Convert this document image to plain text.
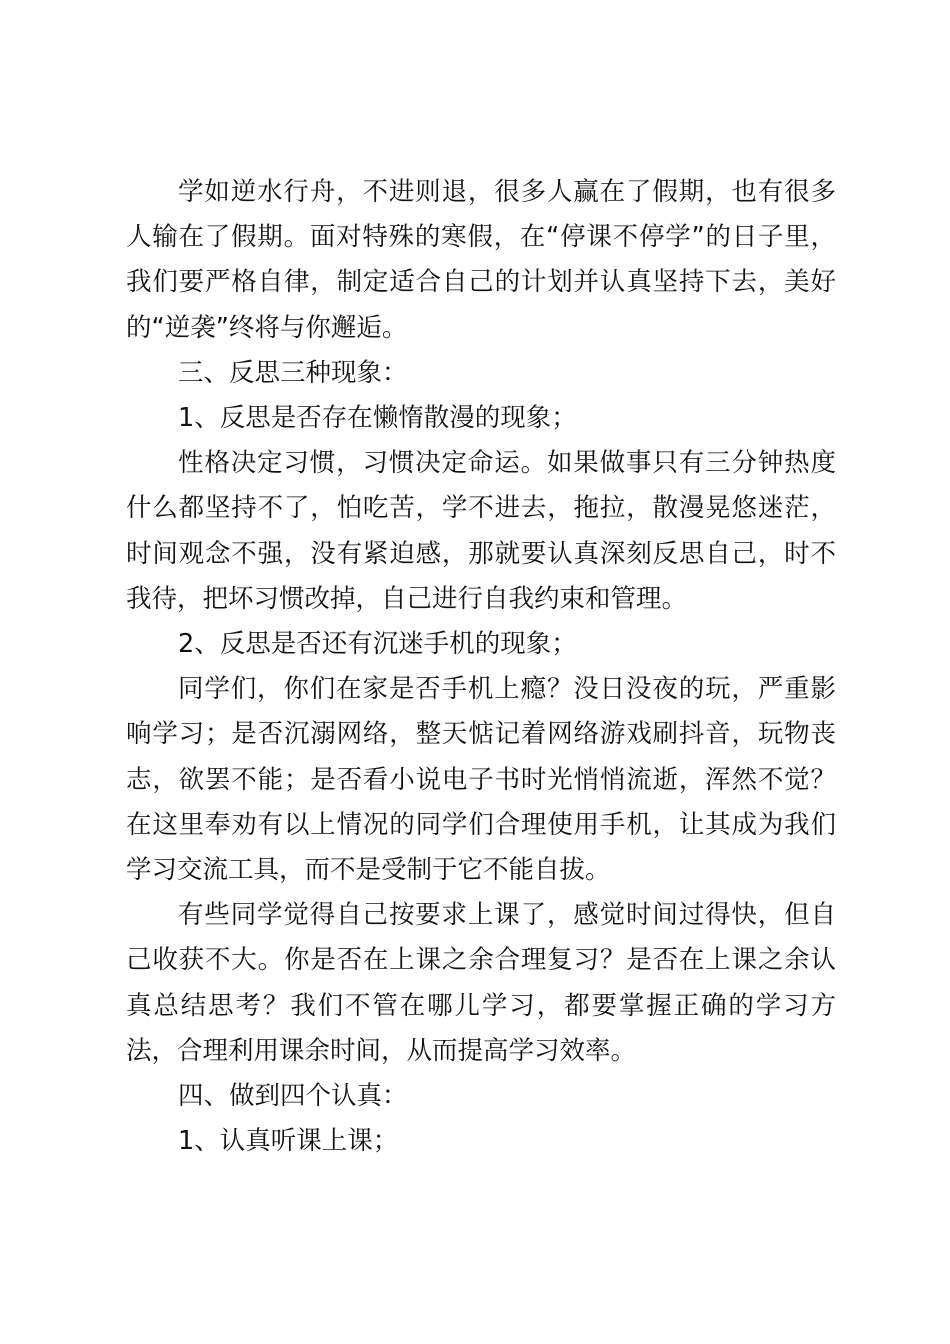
学如逆水行舟，不进则退，很多人赢在了假期，也有很多人输在了假期。面对特殊的寒假，在“停课不停学”的日子里，我们要严格自律，制定适合自己的计划并认真坚持下去，美好的“逆袭”终将与你邂逅。

三、反思三种现象：

1、反思是否存在懒惰散漫的现象；

性格决定习惯，习惯决定命运。如果做事只有三分钟热度什么都坚持不了，怕吃苦，学不进去，拖拉，散漫晃悠迷茫，时间观念不强，没有紧迫感，那就要认真深刻反思自己，时不我待，把坏习惯改掉，自己进行自我约束和管理。

2、反思是否还有沉迷手机的现象；

同学们，你们在家是否手机上瘾？没日没夜的玩，严重影响学习；是否沉溺网络，整天惦记着网络游戏刷抖音，玩物丧志，欲罢不能；是否看小说电子书时光悄悄流逝，浑然不觉？在这里奉劝有以上情况的同学们合理使用手机，让其成为我们学习交流工具，而不是受制于它不能自拔。

有些同学觉得自己按要求上课了，感觉时间过得快，但自己收获不大。你是否在上课之余合理复习？是否在上课之余认真总结思考？我们不管在哪儿学习，都要掌握正确的学习方法，合理利用课余时间，从而提高学习效率。

四、做到四个认真：

1、认真听课上课；
